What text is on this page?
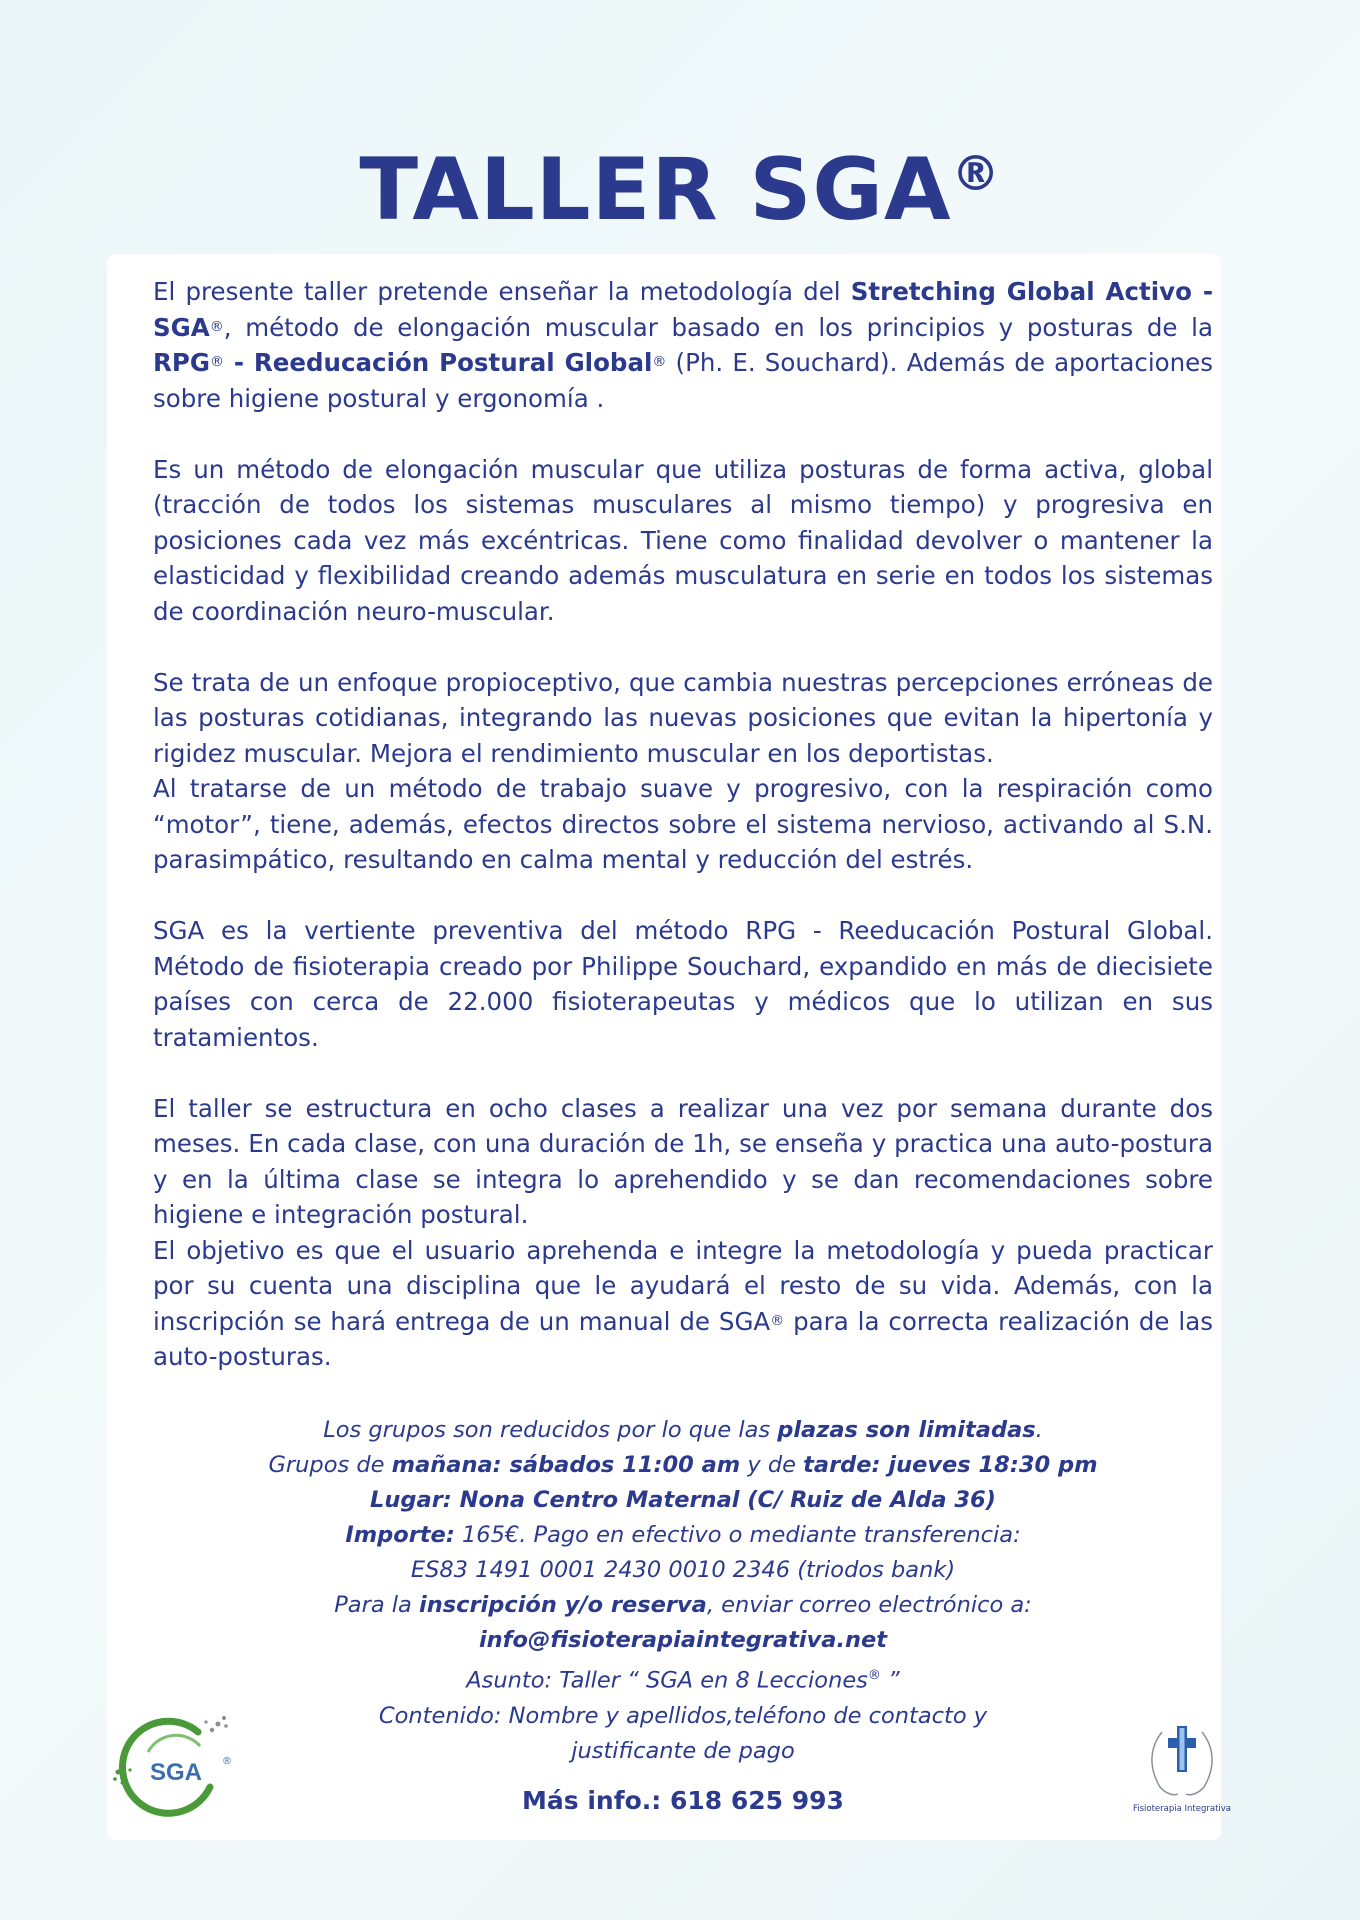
TALLER SGA®

El presente taller pretende enseñar la metodología del Stretching Global Activo - SGA®, método de elongación muscular basado en los principios y posturas de la RPG® - Reeducación Postural Global® (Ph. E. Souchard). Además de aportaciones sobre higiene postural y ergonomía .

Es un método de elongación muscular que utiliza posturas de forma activa, global (tracción de todos los sistemas musculares al mismo tiempo) y progresiva en posiciones cada vez más excéntricas. Tiene como finalidad devolver o mantener la elasticidad y flexibilidad creando además musculatura en serie en todos los sistemas de coordinación neuro-muscular.

Se trata de un enfoque propioceptivo, que cambia nuestras percepciones erróneas de las posturas cotidianas, integrando las nuevas posiciones que evitan la hipertonía y rigidez muscular. Mejora el rendimiento muscular en los deportistas.

Al tratarse de un método de trabajo suave y progresivo, con la respiración como “motor”, tiene, además, efectos directos sobre el sistema nervioso, activando al S.N. parasimpático, resultando en calma mental y reducción del estrés.

SGA es la vertiente preventiva del método RPG - Reeducación Postural Global. Método de fisioterapia creado por Philippe Souchard, expandido en más de diecisiete países con cerca de 22.000 fisioterapeutas y médicos que lo utilizan en sus tratamientos.

El taller se estructura en ocho clases a realizar una vez por semana durante dos meses. En cada clase, con una duración de 1h, se enseña y practica una auto-postura y en la última clase se integra lo aprehendido y se dan recomendaciones sobre higiene e integración postural.

El objetivo es que el usuario aprehenda e integre la metodología y pueda practicar por su cuenta una disciplina que le ayudará el resto de su vida. Además, con la inscripción se hará entrega de un manual de SGA® para la correcta realización de las auto-posturas.

Los grupos son reducidos por lo que las plazas son limitadas.
Grupos de mañana: sábados 11:00 am y de tarde: jueves 18:30 pm
Lugar: Nona Centro Maternal (C/ Ruiz de Alda 36)
Importe: 165€. Pago en efectivo o mediante transferencia:
ES83 1491 0001 2430 0010 2346 (triodos bank)
Para la inscripción y/o reserva, enviar correo electrónico a:
info@fisioterapiaintegrativa.net
Asunto: Taller “ SGA en 8 Lecciones® ”
Contenido: Nombre y apellidos,teléfono de contacto y
justificante de pago
Más info.: 618 625 993
SGA ®
Fisioterapia Integrativa
